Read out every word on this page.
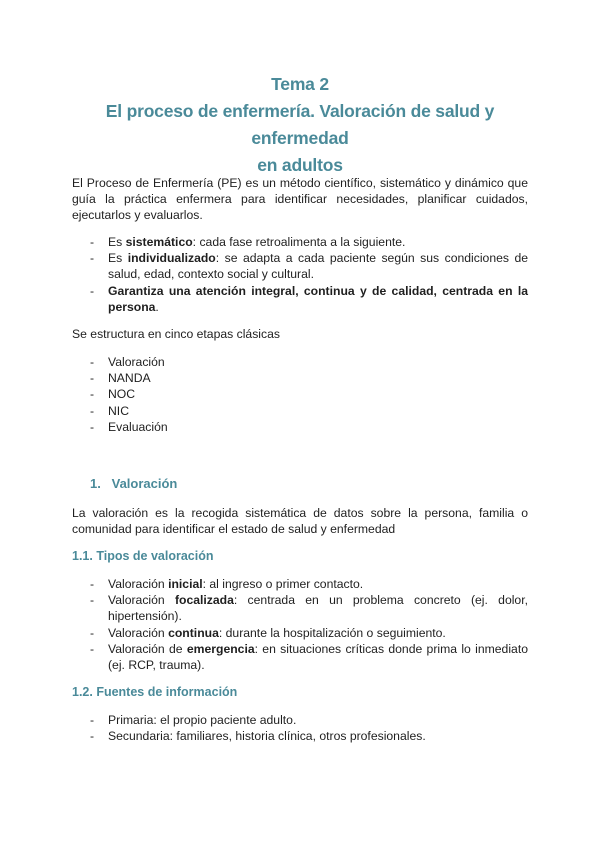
Tema 2
El proceso de enfermería. Valoración de salud y enfermedad
en adultos
El Proceso de Enfermería (PE) es un método científico, sistemático y dinámico que guía la práctica enfermera para identificar necesidades, planificar cuidados, ejecutarlos y evaluarlos.
- Es sistemático: cada fase retroalimenta a la siguiente.
- Es individualizado: se adapta a cada paciente según sus condiciones de salud, edad, contexto social y cultural.
- Garantiza una atención integral, continua y de calidad, centrada en la persona.
Se estructura en cinco etapas clásicas
- Valoración
- NANDA
- NOC
- NIC
- Evaluación
1. Valoración
La valoración es la recogida sistemática de datos sobre la persona, familia o comunidad para identificar el estado de salud y enfermedad
1.1. Tipos de valoración
- Valoración inicial: al ingreso o primer contacto.
- Valoración focalizada: centrada en un problema concreto (ej. dolor, hipertensión).
- Valoración continua: durante la hospitalización o seguimiento.
- Valoración de emergencia: en situaciones críticas donde prima lo inmediato (ej. RCP, trauma).
1.2. Fuentes de información
- Primaria: el propio paciente adulto.
- Secundaria: familiares, historia clínica, otros profesionales.
